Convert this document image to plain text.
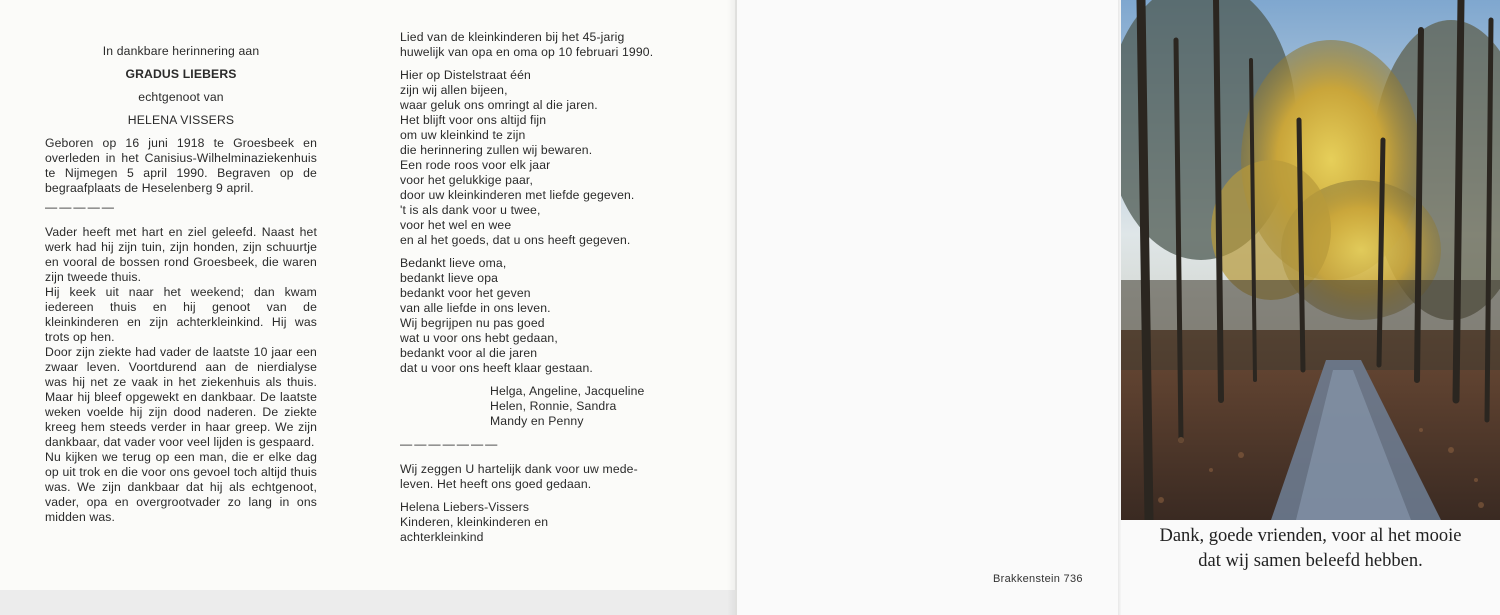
In dankbare herinnering aan
GRADUS LIEBERS
echtgenoot van
HELENA VISSERS

Geboren op 16 juni 1918 te Groesbeek en overleden in het Canisius-Wilhelminaziekenhuis te Nijmegen 5 april 1990. Begraven op de begraafplaats de Heselenberg 9 april.

—————

Vader heeft met hart en ziel geleefd. Naast het werk had hij zijn tuin, zijn honden, zijn schuurtje en vooral de bossen rond Groesbeek, die waren zijn tweede thuis.

Hij keek uit naar het weekend; dan kwam iedereen thuis en hij genoot van de kleinkinderen en zijn achterkleinkind. Hij was trots op hen.

Door zijn ziekte had vader de laatste 10 jaar een zwaar leven. Voortdurend aan de nierdialyse was hij net ze vaak in het ziekenhuis als thuis. Maar hij bleef opgewekt en dankbaar. De laatste weken voelde hij zijn dood naderen. De ziekte kreeg hem steeds verder in haar greep. We zijn dankbaar, dat vader voor veel lijden is gespaard.

Nu kijken we terug op een man, die er elke dag op uit trok en die voor ons gevoel toch altijd thuis was. We zijn dankbaar dat hij als echtgenoot, vader, opa en overgrootvader zo lang in ons midden was.

Lied van de kleinkinderen bij het 45-jarig
huwelijk van opa en oma op 10 februari 1990.
Hier op Distelstraat één
zijn wij allen bijeen,
waar geluk ons omringt al die jaren.
Het blijft voor ons altijd fijn
om uw kleinkind te zijn
die herinnering zullen wij bewaren.
Een rode roos voor elk jaar
voor het gelukkige paar,
door uw kleinkinderen met liefde gegeven.
't is als dank voor u twee,
voor het wel en wee
en al het goeds, dat u ons heeft gegeven.
Bedankt lieve oma,
bedankt lieve opa
bedankt voor het geven
van alle liefde in ons leven.
Wij begrijpen nu pas goed
wat u voor ons hebt gedaan,
bedankt voor al die jaren
dat u voor ons heeft klaar gestaan.
Helga, Angeline, Jacqueline
Helen, Ronnie, Sandra
Mandy en Penny
———————
Wij zeggen U hartelijk dank voor uw mede-
leven. Het heeft ons goed gedaan.
Helena Liebers-Vissers
Kinderen, kleinkinderen en
achterkleinkind
Brakkenstein 736
Dank, goede vrienden, voor al het mooie
dat wij samen beleefd hebben.
